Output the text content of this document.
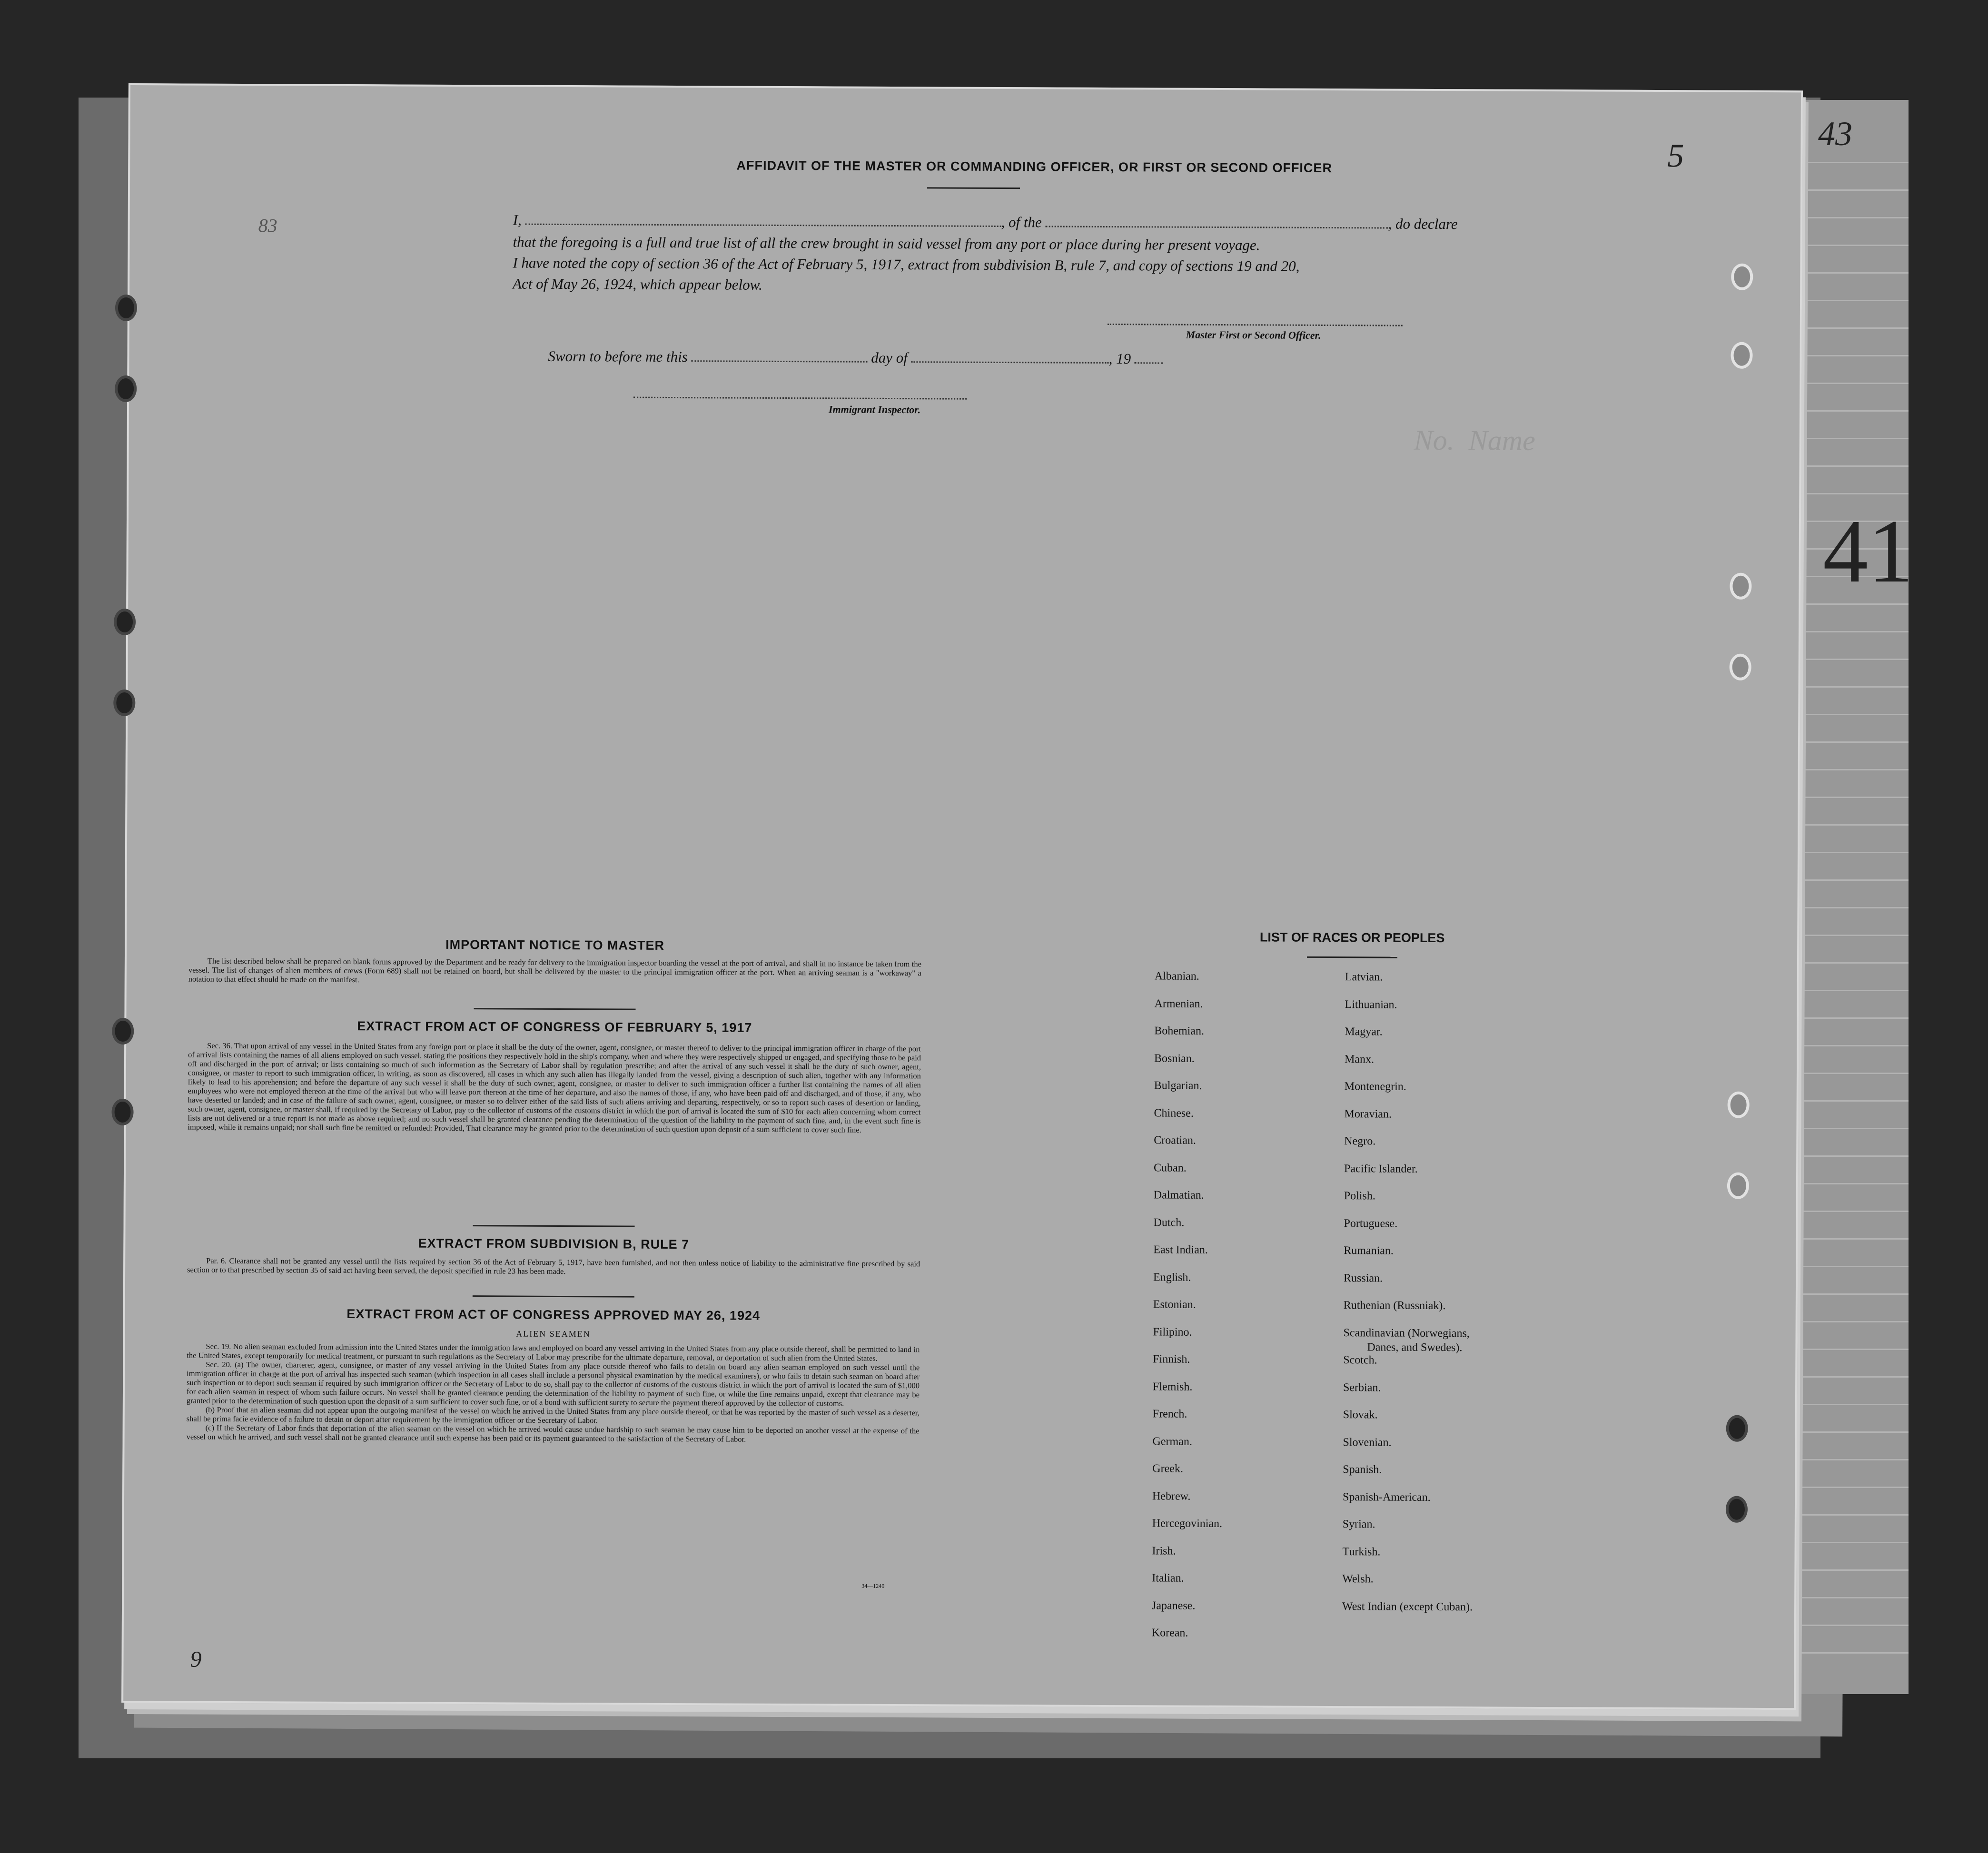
43
41
No.  Name
5
83
9
AFFIDAVIT OF THE MASTER OR COMMANDING OFFICER, OR FIRST OR SECOND OFFICER
I,	, of the	, do declare
that the foregoing is a full and true list of all the crew brought in said vessel from any port or place during her present voyage.
I have noted the copy of section 36 of the Act of February 5, 1917, extract from subdivision B, rule 7, and copy of sections 19 and 20,
Act of May 26, 1924, which appear below.
Master First or Second Officer.
Sworn to before me this	day of	, 19
Immigrant Inspector.
IMPORTANT NOTICE TO MASTER

The list described below shall be prepared on blank forms approved by the Department and be ready for delivery to the immigration inspector boarding the vessel at the port of arrival, and shall in no instance be taken from the vessel. The list of changes of alien members of crews (Form 689) shall not be retained on board, but shall be delivered by the master to the principal immigration officer at the port. When an arriving seaman is a "workaway" a notation to that effect should be made on the manifest.

EXTRACT FROM ACT OF CONGRESS OF FEBRUARY 5, 1917

Sec. 36. That upon arrival of any vessel in the United States from any foreign port or place it shall be the duty of the owner, agent, consignee, or master thereof to deliver to the principal immigration officer in charge of the port of arrival lists containing the names of all aliens employed on such vessel, stating the positions they respectively hold in the ship's company, when and where they were respectively shipped or engaged, and specifying those to be paid off and discharged in the port of arrival; or lists containing so much of such information as the Secretary of Labor shall by regulation prescribe; and after the arrival of any such vessel it shall be the duty of such owner, agent, consignee, or master to report to such immigration officer, in writing, as soon as discovered, all cases in which any such alien has illegally landed from the vessel, giving a description of such alien, together with any information likely to lead to his apprehension; and before the departure of any such vessel it shall be the duty of such owner, agent, consignee, or master to deliver to such immigration officer a further list containing the names of all alien employees who were not employed thereon at the time of the arrival but who will leave port thereon at the time of her departure, and also the names of those, if any, who have been paid off and discharged, and of those, if any, who have deserted or landed; and in case of the failure of such owner, agent, consignee, or master so to deliver either of the said lists of such aliens arriving and departing, respectively, or so to report such cases of desertion or landing, such owner, agent, consignee, or master shall, if required by the Secretary of Labor, pay to the collector of customs of the customs district in which the port of arrival is located the sum of $10 for each alien concerning whom correct lists are not delivered or a true report is not made as above required; and no such vessel shall be granted clearance pending the determination of the question of the liability to the payment of such fine, and, in the event such fine is imposed, while it remains unpaid; nor shall such fine be remitted or refunded: Provided, That clearance may be granted prior to the determination of such question upon deposit of a sum sufficient to cover such fine.

EXTRACT FROM SUBDIVISION B, RULE 7

Par. 6. Clearance shall not be granted any vessel until the lists required by section 36 of the Act of February 5, 1917, have been furnished, and not then unless notice of liability to the administrative fine prescribed by said section or to that prescribed by section 35 of said act having been served, the deposit specified in rule 23 has been made.

EXTRACT FROM ACT OF CONGRESS APPROVED MAY 26, 1924
ALIEN SEAMEN

Sec. 19. No alien seaman excluded from admission into the United States under the immigration laws and employed on board any vessel arriving in the United States from any place outside thereof, shall be permitted to land in the United States, except temporarily for medical treatment, or pursuant to such regulations as the Secretary of Labor may prescribe for the ultimate departure, removal, or deportation of such alien from the United States.

Sec. 20. (a) The owner, charterer, agent, consignee, or master of any vessel arriving in the United States from any place outside thereof who fails to detain on board any alien seaman employed on such vessel until the immigration officer in charge at the port of arrival has inspected such seaman (which inspection in all cases shall include a personal physical examination by the medical examiners), or who fails to detain such seaman on board after such inspection or to deport such seaman if required by such immigration officer or the Secretary of Labor to do so, shall pay to the collector of customs of the customs district in which the port of arrival is located the sum of $1,000 for each alien seaman in respect of whom such failure occurs. No vessel shall be granted clearance pending the determination of the liability to payment of such fine, or while the fine remains unpaid, except that clearance may be granted prior to the determination of such question upon the deposit of a sum sufficient to cover such fine, or of a bond with sufficient surety to secure the payment thereof approved by the collector of customs.

(b) Proof that an alien seaman did not appear upon the outgoing manifest of the vessel on which he arrived in the United States from any place outside thereof, or that he was reported by the master of such vessel as a deserter, shall be prima facie evidence of a failure to detain or deport after requirement by the immigration officer or the Secretary of Labor.

(c) If the Secretary of Labor finds that deportation of the alien seaman on the vessel on which he arrived would cause undue hardship to such seaman he may cause him to be deported on another vessel at the expense of the vessel on which he arrived, and such vessel shall not be granted clearance until such expense has been paid or its payment guaranteed to the satisfaction of the Secretary of Labor.

34—1240
LIST OF RACES OR PEOPLES
Albanian.
Armenian.
Bohemian.
Bosnian.
Bulgarian.
Chinese.
Croatian.
Cuban.
Dalmatian.
Dutch.
East Indian.
English.
Estonian.
Filipino.
Finnish.
Flemish.
French.
German.
Greek.
Hebrew.
Hercegovinian.
Irish.
Italian.
Japanese.
Korean.
Latvian.
Lithuanian.
Magyar.
Manx.
Montenegrin.
Moravian.
Negro.
Pacific Islander.
Polish.
Portuguese.
Rumanian.
Russian.
Ruthenian (Russniak).
Scandinavian (Norwegians,
Danes, and Swedes).
Scotch.
Serbian.
Slovak.
Slovenian.
Spanish.
Spanish-American.
Syrian.
Turkish.
Welsh.
West Indian (except Cuban).
